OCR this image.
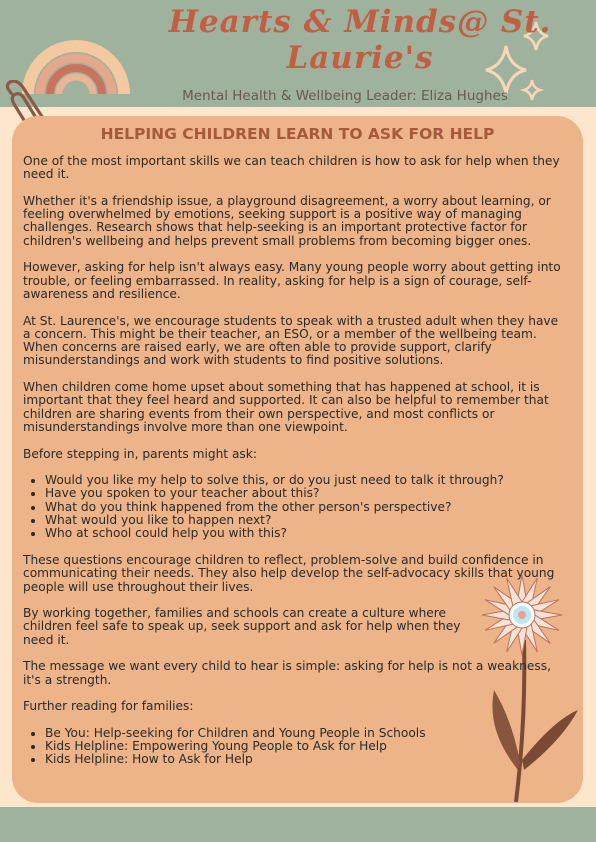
Hearts & Minds@ St. Laurie's
Mental Health & Wellbeing Leader: Eliza Hughes
HELPING CHILDREN LEARN TO ASK FOR HELP

One of the most important skills we can teach children is how to ask for help when they need it.

Whether it's a friendship issue, a playground disagreement, a worry about learning, or feeling overwhelmed by emotions, seeking support is a positive way of managing challenges. Research shows that help-seeking is an important protective factor for children's wellbeing and helps prevent small problems from becoming bigger ones.

However, asking for help isn't always easy. Many young people worry about getting into trouble, or feeling embarrassed. In reality, asking for help is a sign of courage, self-awareness and resilience.

At St. Laurence's, we encourage students to speak with a trusted adult when they have a concern. This might be their teacher, an ESO, or a member of the wellbeing team. When concerns are raised early, we are often able to provide support, clarify misunderstandings and work with students to find positive solutions.

When children come home upset about something that has happened at school, it is important that they feel heard and supported. It can also be helpful to remember that children are sharing events from their own perspective, and most conflicts or misunderstandings involve more than one viewpoint.

Before stepping in, parents might ask:

• Would you like my help to solve this, or do you just need to talk it through?
• Have you spoken to your teacher about this?
• What do you think happened from the other person's perspective?
• What would you like to happen next?
• Who at school could help you with this?

These questions encourage children to reflect, problem-solve and build confidence in communicating their needs. They also help develop the self-advocacy skills that young people will use throughout their lives.

By working together, families and schools can create a culture where children feel safe to speak up, seek support and ask for help when they need it.

The message we want every child to hear is simple: asking for help is not a weakness, it's a strength.

Further reading for families:

• Be You: Help-seeking for Children and Young People in Schools
• Kids Helpline: Empowering Young People to Ask for Help
• Kids Helpline: How to Ask for Help
